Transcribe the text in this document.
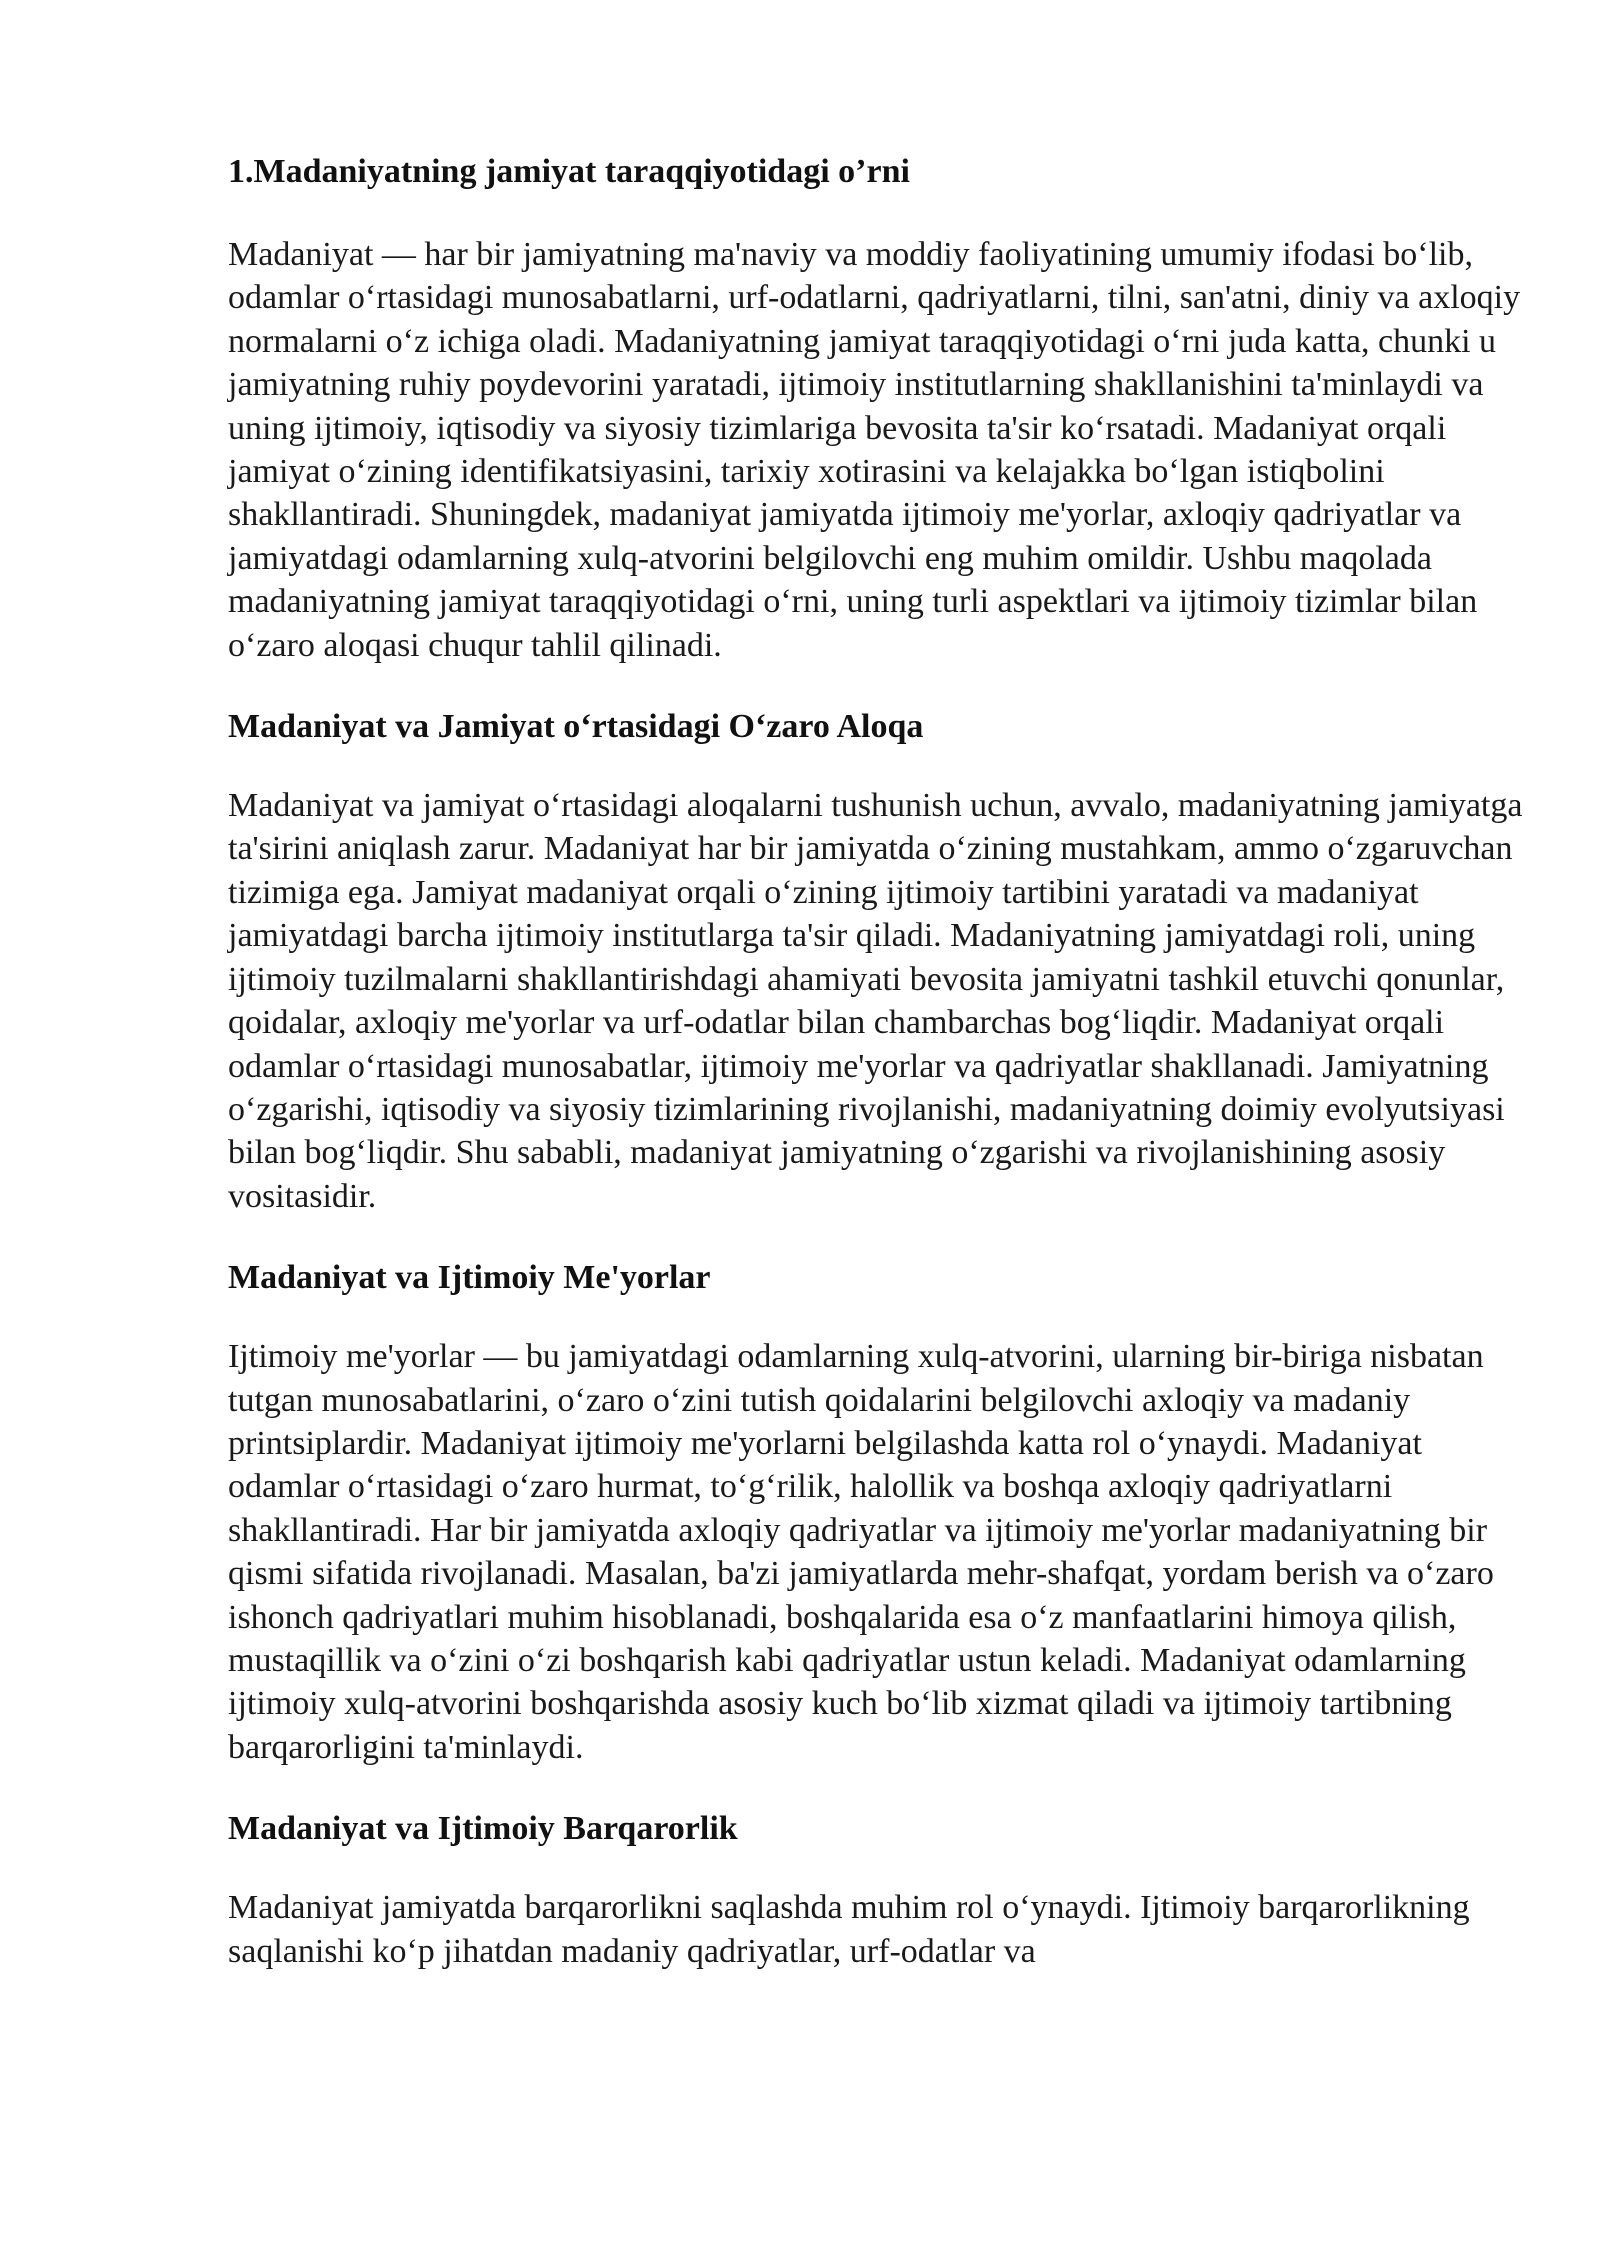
1.Madaniyatning jamiyat taraqqiyotidagi o’rni

Madaniyat — har bir jamiyatning ma'naviy va moddiy faoliyatining umumiy ifodasi bo‘lib, odamlar o‘rtasidagi munosabatlarni, urf-odatlarni, qadriyatlarni, tilni, san'atni, diniy va axloqiy normalarni o‘z ichiga oladi. Madaniyatning jamiyat taraqqiyotidagi o‘rni juda katta, chunki u jamiyatning ruhiy poydevorini yaratadi, ijtimoiy institutlarning shakllanishini ta'minlaydi va uning ijtimoiy, iqtisodiy va siyosiy tizimlariga bevosita ta'sir ko‘rsatadi. Madaniyat orqali jamiyat o‘zining identifikatsiyasini, tarixiy xotirasini va kelajakka bo‘lgan istiqbolini shakllantiradi. Shuningdek, madaniyat jamiyatda ijtimoiy me'yorlar, axloqiy qadriyatlar va jamiyatdagi odamlarning xulq-atvorini belgilovchi eng muhim omildir. Ushbu maqolada madaniyatning jamiyat taraqqiyotidagi o‘rni, uning turli aspektlari va ijtimoiy tizimlar bilan o‘zaro aloqasi chuqur tahlil qilinadi.

Madaniyat va Jamiyat o‘rtasidagi O‘zaro Aloqa

Madaniyat va jamiyat o‘rtasidagi aloqalarni tushunish uchun, avvalo, madaniyatning jamiyatga ta'sirini aniqlash zarur. Madaniyat har bir jamiyatda o‘zining mustahkam, ammo o‘zgaruvchan tizimiga ega. Jamiyat madaniyat orqali o‘zining ijtimoiy tartibini yaratadi va madaniyat jamiyatdagi barcha ijtimoiy institutlarga ta'sir qiladi. Madaniyatning jamiyatdagi roli, uning ijtimoiy tuzilmalarni shakllantirishdagi ahamiyati bevosita jamiyatni tashkil etuvchi qonunlar, qoidalar, axloqiy me'yorlar va urf-odatlar bilan chambarchas bog‘liqdir. Madaniyat orqali odamlar o‘rtasidagi munosabatlar, ijtimoiy me'yorlar va qadriyatlar shakllanadi. Jamiyatning o‘zgarishi, iqtisodiy va siyosiy tizimlarining rivojlanishi, madaniyatning doimiy evolyutsiyasi bilan bog‘liqdir. Shu sababli, madaniyat jamiyatning o‘zgarishi va rivojlanishining asosiy vositasidir.

Madaniyat va Ijtimoiy Me'yorlar

Ijtimoiy me'yorlar — bu jamiyatdagi odamlarning xulq-atvorini, ularning bir-biriga nisbatan tutgan munosabatlarini, o‘zaro o‘zini tutish qoidalarini belgilovchi axloqiy va madaniy printsiplardir. Madaniyat ijtimoiy me'yorlarni belgilashda katta rol o‘ynaydi. Madaniyat odamlar o‘rtasidagi o‘zaro hurmat, to‘g‘rilik, halollik va boshqa axloqiy qadriyatlarni shakllantiradi. Har bir jamiyatda axloqiy qadriyatlar va ijtimoiy me'yorlar madaniyatning bir qismi sifatida rivojlanadi. Masalan, ba'zi jamiyatlarda mehr-shafqat, yordam berish va o‘zaro ishonch qadriyatlari muhim hisoblanadi, boshqalarida esa o‘z manfaatlarini himoya qilish, mustaqillik va o‘zini o‘zi boshqarish kabi qadriyatlar ustun keladi. Madaniyat odamlarning ijtimoiy xulq-atvorini boshqarishda asosiy kuch bo‘lib xizmat qiladi va ijtimoiy tartibning barqarorligini ta'minlaydi.

Madaniyat va Ijtimoiy Barqarorlik

Madaniyat jamiyatda barqarorlikni saqlashda muhim rol o‘ynaydi. Ijtimoiy barqarorlikning saqlanishi ko‘p jihatdan madaniy qadriyatlar, urf-odatlar va
